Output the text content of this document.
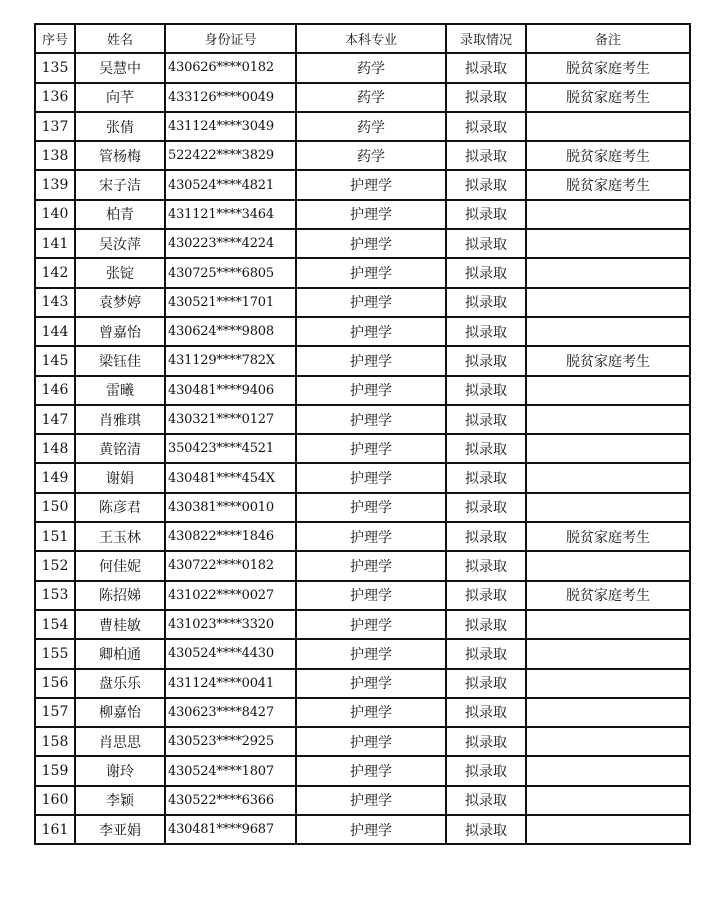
序号	姓名	身份证号	本科专业	录取情况	备注
135	吴慧中	430626****0182	药学	拟录取	脱贫家庭考生
136	向芊	433126****0049	药学	拟录取	脱贫家庭考生
137	张倩	431124****3049	药学	拟录取	
138	管杨梅	522422****3829	药学	拟录取	脱贫家庭考生
139	宋子洁	430524****4821	护理学	拟录取	脱贫家庭考生
140	柏青	431121****3464	护理学	拟录取	
141	吴汝萍	430223****4224	护理学	拟录取	
142	张锭	430725****6805	护理学	拟录取	
143	袁梦婷	430521****1701	护理学	拟录取	
144	曾嘉怡	430624****9808	护理学	拟录取	
145	梁钰佳	431129****782X	护理学	拟录取	脱贫家庭考生
146	雷曦	430481****9406	护理学	拟录取	
147	肖雅琪	430321****0127	护理学	拟录取	
148	黄铭清	350423****4521	护理学	拟录取	
149	谢娟	430481****454X	护理学	拟录取	
150	陈彦君	430381****0010	护理学	拟录取	
151	王玉林	430822****1846	护理学	拟录取	脱贫家庭考生
152	何佳妮	430722****0182	护理学	拟录取	
153	陈招娣	431022****0027	护理学	拟录取	脱贫家庭考生
154	曹桂敏	431023****3320	护理学	拟录取	
155	卿柏通	430524****4430	护理学	拟录取	
156	盘乐乐	431124****0041	护理学	拟录取	
157	柳嘉怡	430623****8427	护理学	拟录取	
158	肖思思	430523****2925	护理学	拟录取	
159	谢玲	430524****1807	护理学	拟录取	
160	李颖	430522****6366	护理学	拟录取	
161	李亚娟	430481****9687	护理学	拟录取	
